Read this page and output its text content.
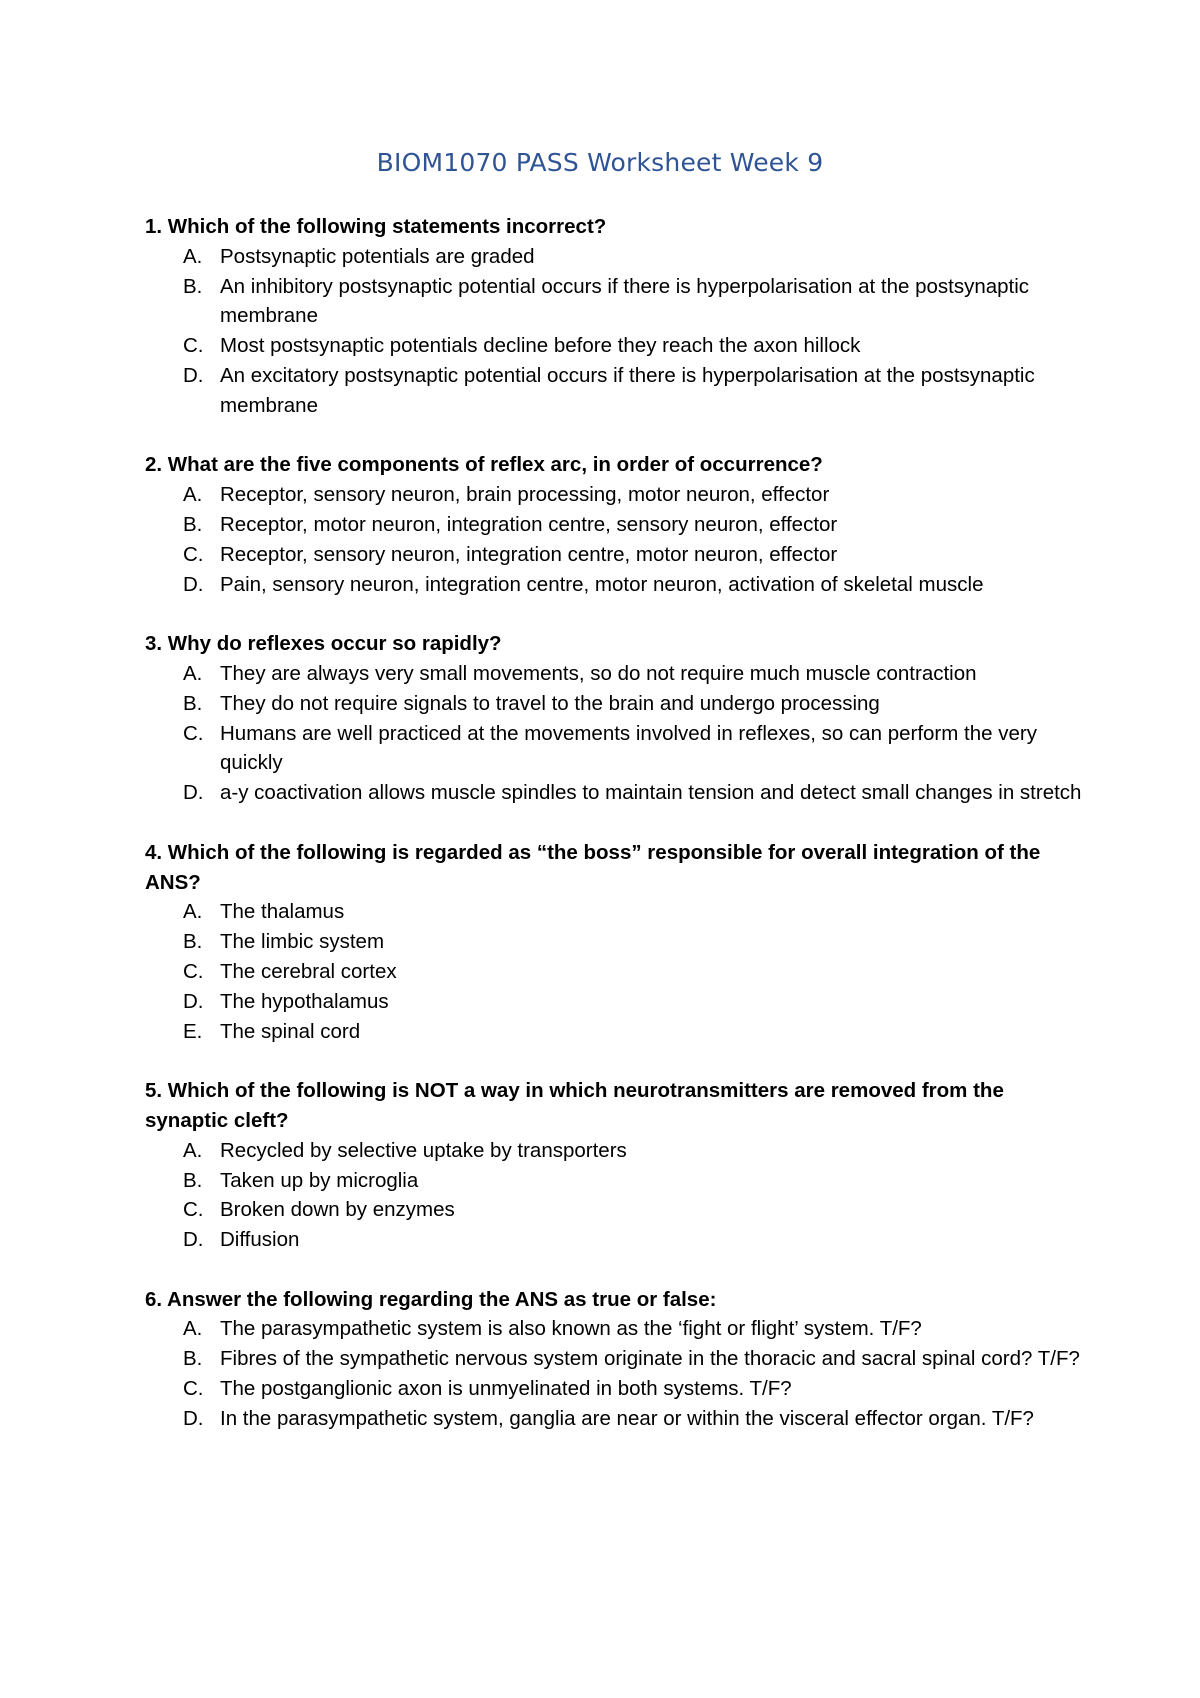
BIOM1070 PASS Worksheet Week 9
1. Which of the following statements incorrect?
A. Postsynaptic potentials are graded
B. An inhibitory postsynaptic potential occurs if there is hyperpolarisation at the postsynaptic membrane
C. Most postsynaptic potentials decline before they reach the axon hillock
D. An excitatory postsynaptic potential occurs if there is hyperpolarisation at the postsynaptic membrane
2. What are the five components of reflex arc, in order of occurrence?
A. Receptor, sensory neuron, brain processing, motor neuron, effector
B. Receptor, motor neuron, integration centre, sensory neuron, effector
C. Receptor, sensory neuron, integration centre, motor neuron, effector
D. Pain, sensory neuron, integration centre, motor neuron, activation of skeletal muscle
3. Why do reflexes occur so rapidly?
A. They are always very small movements, so do not require much muscle contraction
B. They do not require signals to travel to the brain and undergo processing
C. Humans are well practiced at the movements involved in reflexes, so can perform the very quickly
D. a-y coactivation allows muscle spindles to maintain tension and detect small changes in stretch
4. Which of the following is regarded as “the boss” responsible for overall integration of the ANS?
A. The thalamus
B. The limbic system
C. The cerebral cortex
D. The hypothalamus
E. The spinal cord
5. Which of the following is NOT a way in which neurotransmitters are removed from the synaptic cleft?
A. Recycled by selective uptake by transporters
B. Taken up by microglia
C. Broken down by enzymes
D. Diffusion
6. Answer the following regarding the ANS as true or false:
A. The parasympathetic system is also known as the ‘fight or flight’ system. T/F?
B. Fibres of the sympathetic nervous system originate in the thoracic and sacral spinal cord? T/F?
C. The postganglionic axon is unmyelinated in both systems. T/F?
D. In the parasympathetic system, ganglia are near or within the visceral effector organ. T/F?
